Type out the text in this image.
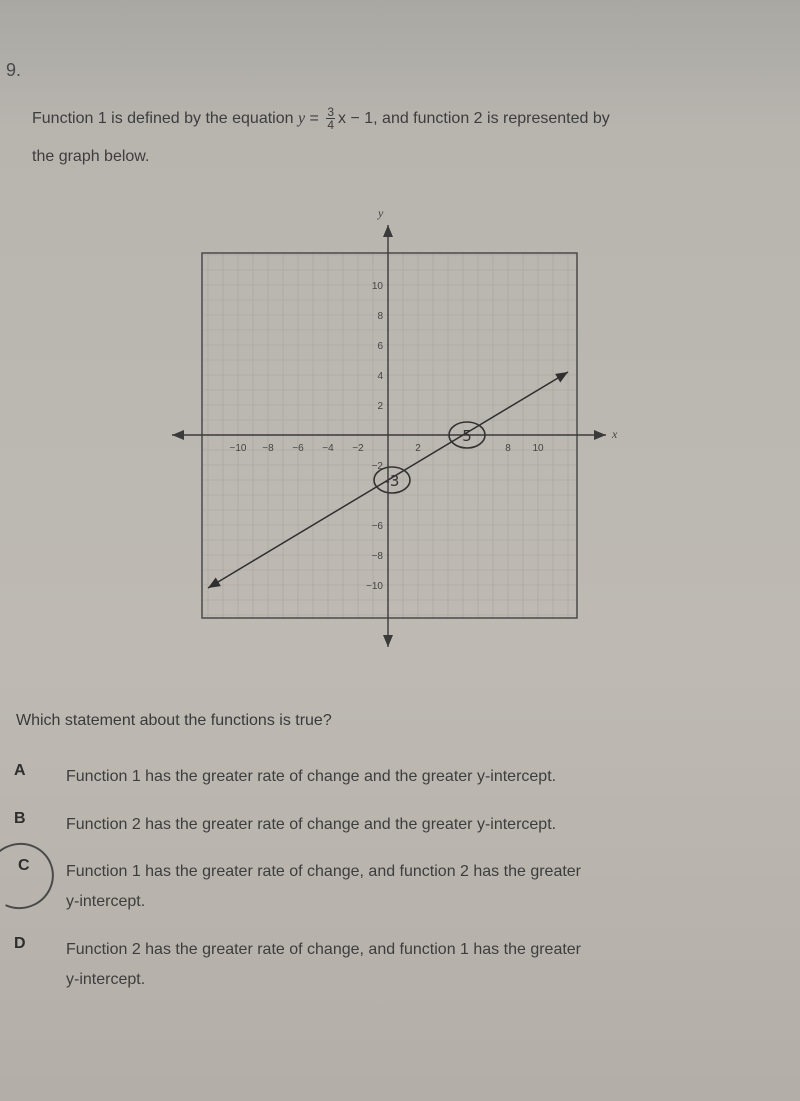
9.
Function 1 is defined by the equation $y = \frac{3}{4}$ x − 1, and function 2 is represented by
the graph below.
−10 −8 −6 −4 −2	2	8 10
10
8
6
4
2
−2
−6
−8
−10
-3
5	x
y
Which statement about the functions is true?
A	Function 1 has the greater rate of change and the greater y-intercept.
B	Function 2 has the greater rate of change and the greater y-intercept.
C Function 1 has the greater rate of change, and function 2 has the greater
y-intercept.
D	Function 2 has the greater rate of change, and function 1 has the greater
y-intercept.
